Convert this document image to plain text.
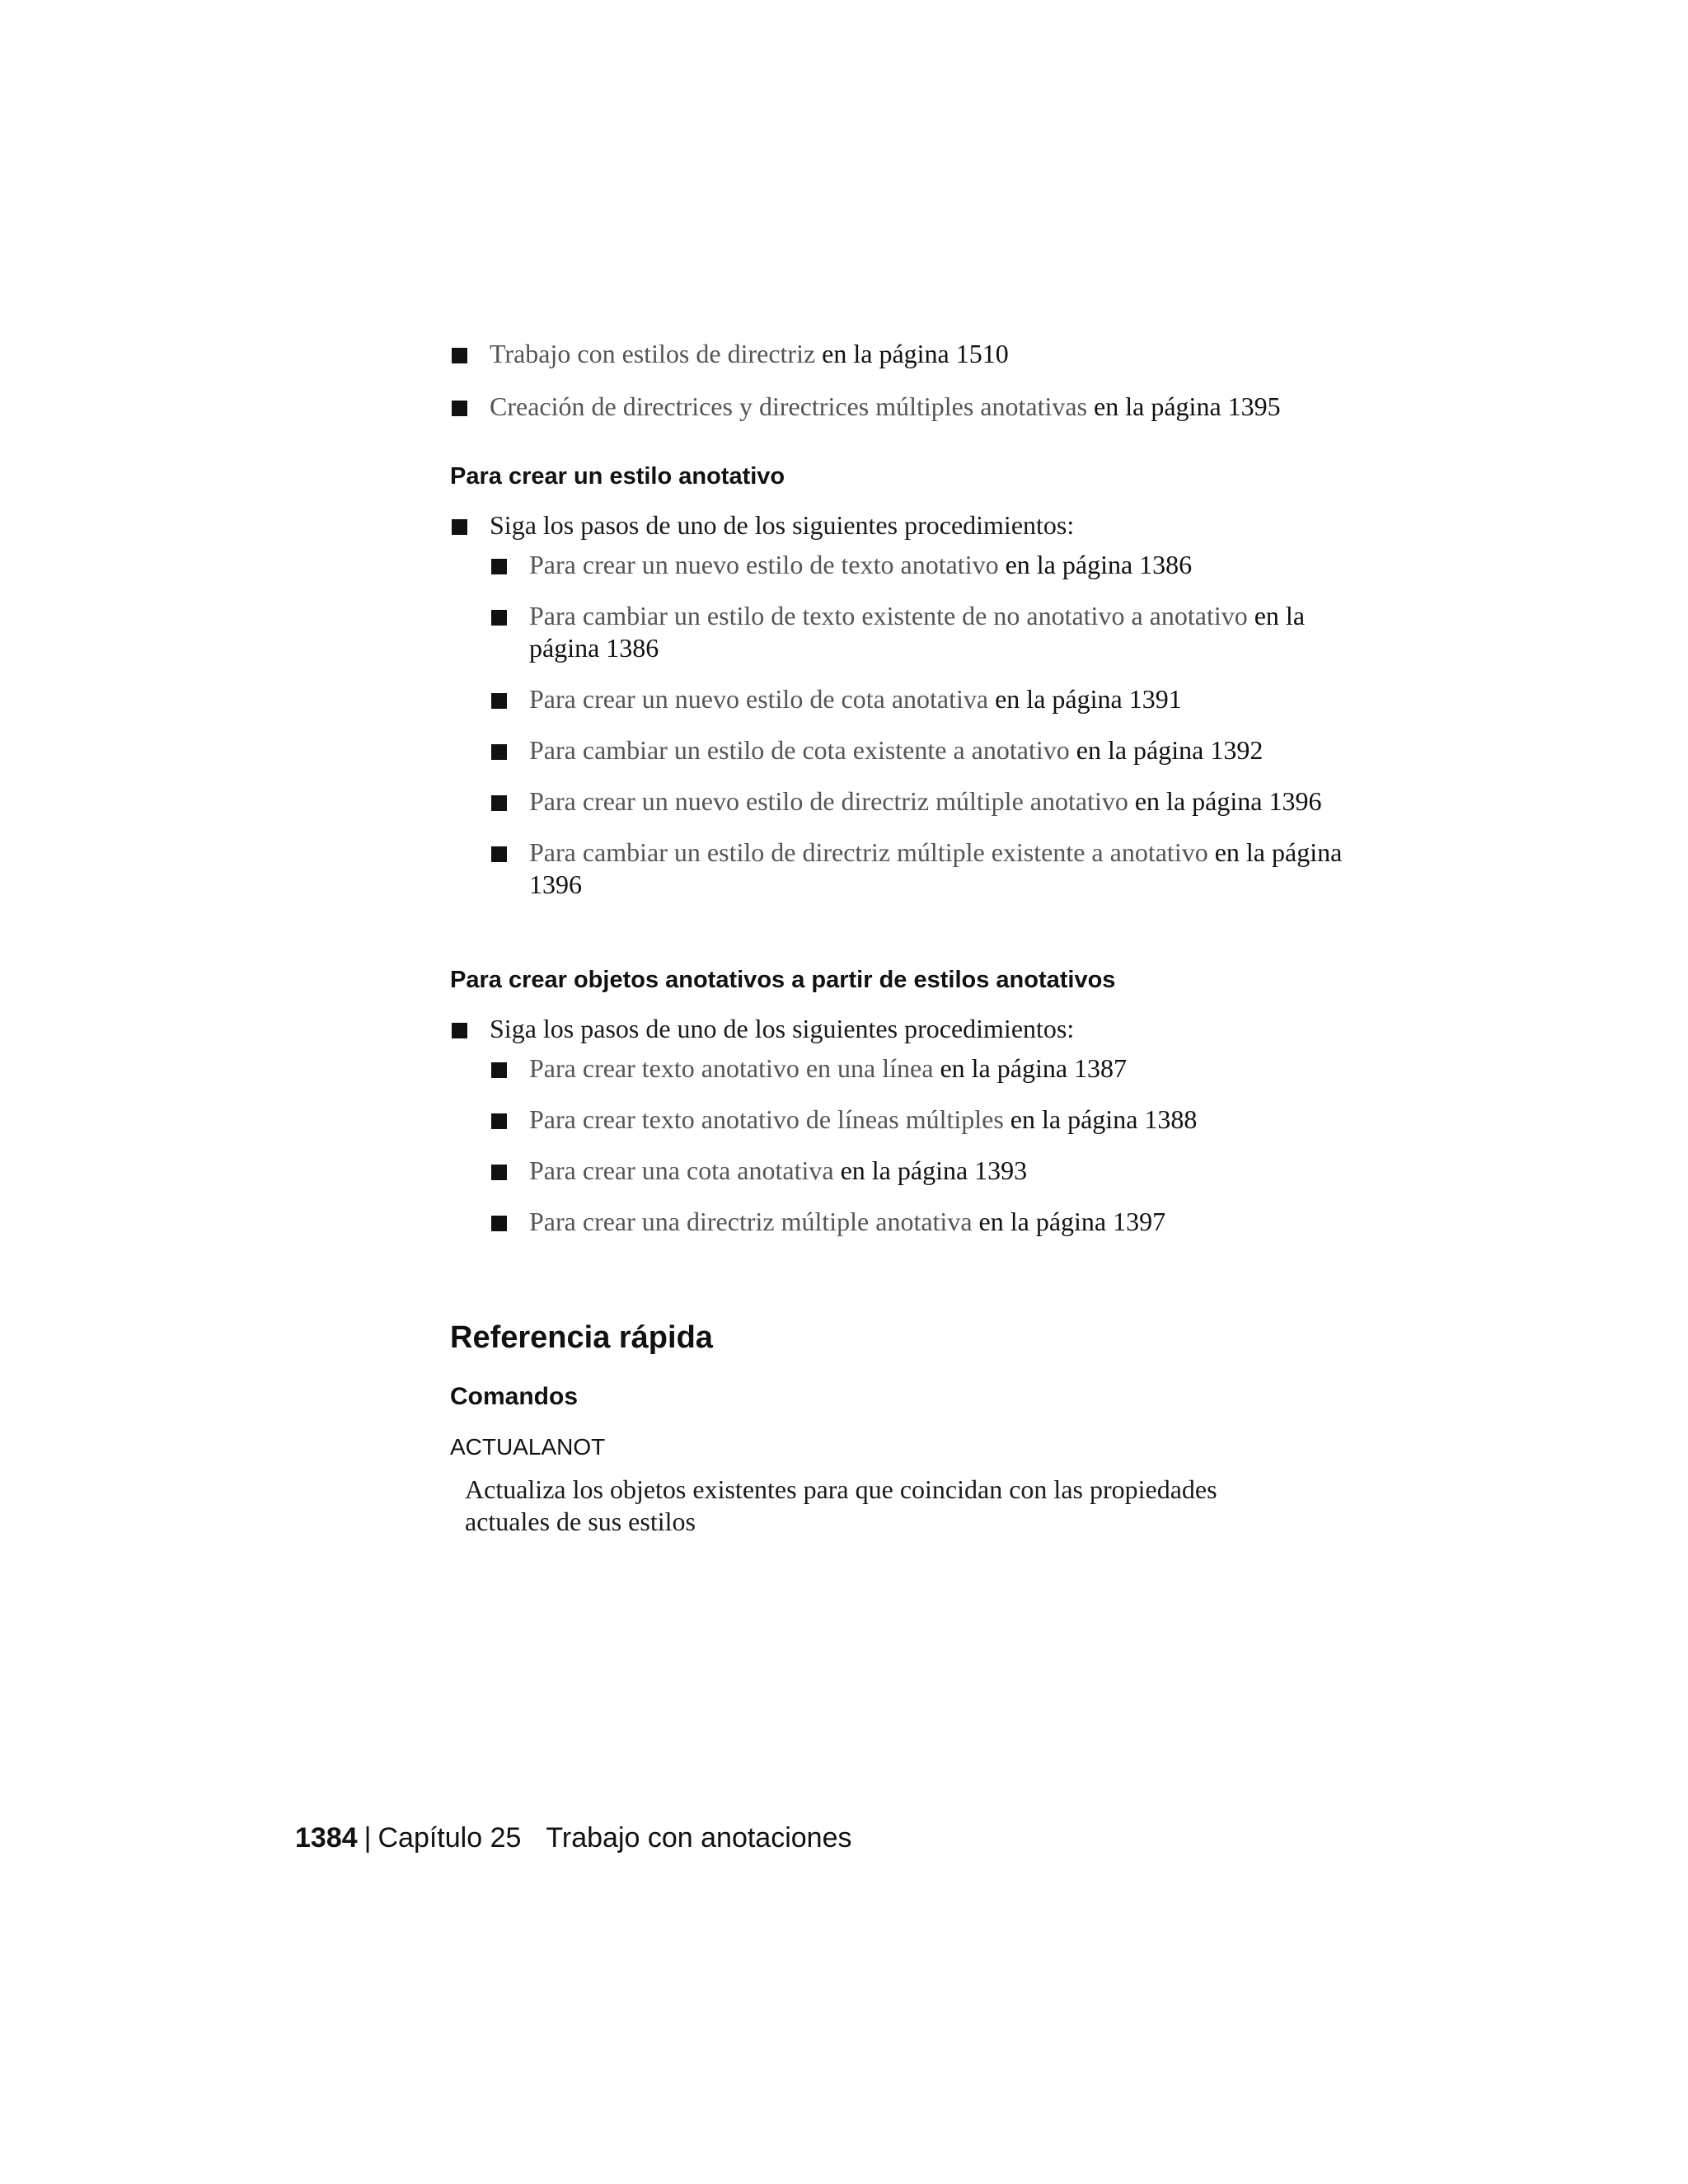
Trabajo con estilos de directriz en la página 1510
Creación de directrices y directrices múltiples anotativas en la página 1395
Para crear un estilo anotativo
Siga los pasos de uno de los siguientes procedimientos:
Para crear un nuevo estilo de texto anotativo en la página 1386
Para cambiar un estilo de texto existente de no anotativo a anotativo en la página 1386
Para crear un nuevo estilo de cota anotativa en la página 1391
Para cambiar un estilo de cota existente a anotativo en la página 1392
Para crear un nuevo estilo de directriz múltiple anotativo en la página 1396
Para cambiar un estilo de directriz múltiple existente a anotativo en la página 1396
Para crear objetos anotativos a partir de estilos anotativos
Siga los pasos de uno de los siguientes procedimientos:
Para crear texto anotativo en una línea en la página 1387
Para crear texto anotativo de líneas múltiples en la página 1388
Para crear una cota anotativa en la página 1393
Para crear una directriz múltiple anotativa en la página 1397
Referencia rápida
Comandos
ACTUALANOT
Actualiza los objetos existentes para que coincidan con las propiedades actuales de sus estilos
1384 | Capítulo 25 Trabajo con anotaciones
